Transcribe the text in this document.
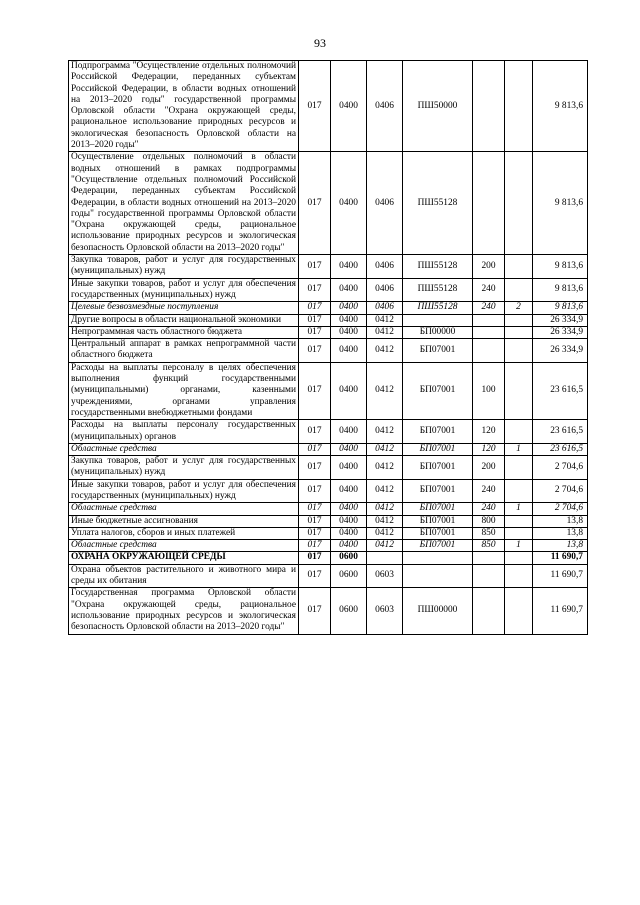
93
Подпрограмма "Осуществление отдельных полномочий Российской Федерации, переданных субъектам Российской Федерации, в области водных отношений на 2013–2020 годы" государственной программы Орловской области "Охрана окружающей среды, рациональное использование природных ресурсов и экологическая безопасность Орловской области на 2013–2020 годы"	017	0400	0406	ПШ50000			9 813,6
Осуществление отдельных полномочий в области водных отношений в рамках подпрограммы "Осуществление отдельных полномочий Российской Федерации, переданных субъектам Российской Федерации, в области водных отношений на 2013–2020 годы" государственной программы Орловской области "Охрана окружающей среды, рациональное использование природных ресурсов и экологическая безопасность Орловской области на 2013–2020 годы"	017	0400	0406	ПШ55128			9 813,6
Закупка товаров, работ и услуг для государственных (муниципальных) нужд	017	0400	0406	ПШ55128	200		9 813,6
Иные закупки товаров, работ и услуг для обеспечения государственных (муниципальных) нужд	017	0400	0406	ПШ55128	240		9 813,6
Целевые безвозмездные поступления	017	0400	0406	ПШ55128	240	2	9 813,6
Другие вопросы в области национальной экономики	017	0400	0412				26 334,9
Непрограммная часть областного бюджета	017	0400	0412	БП00000			26 334,9
Центральный аппарат в рамках непрограммной части областного бюджета	017	0400	0412	БП07001			26 334,9
Расходы на выплаты персоналу в целях обеспечения выполнения функций государственными (муниципальными) органами, казенными учреждениями, органами управления государственными внебюджетными фондами	017	0400	0412	БП07001	100		23 616,5
Расходы на выплаты персоналу государственных (муниципальных) органов	017	0400	0412	БП07001	120		23 616,5
Областные средства	017	0400	0412	БП07001	120	1	23 616,5
Закупка товаров, работ и услуг для государственных (муниципальных) нужд	017	0400	0412	БП07001	200		2 704,6
Иные закупки товаров, работ и услуг для обеспечения государственных (муниципальных) нужд	017	0400	0412	БП07001	240		2 704,6
Областные средства	017	0400	0412	БП07001	240	1	2 704,6
Иные бюджетные ассигнования	017	0400	0412	БП07001	800		13,8
Уплата налогов, сборов и иных платежей	017	0400	0412	БП07001	850		13,8
Областные средства	017	0400	0412	БП07001	850	1	13,8
ОХРАНА ОКРУЖАЮЩЕЙ СРЕДЫ	017	0600					11 690,7
Охрана объектов растительного и животного мира и среды их обитания	017	0600	0603				11 690,7
Государственная программа Орловской области "Охрана окружающей среды, рациональное использование природных ресурсов и экологическая безопасность Орловской области на 2013–2020 годы"	017	0600	0603	ПШ00000			11 690,7
